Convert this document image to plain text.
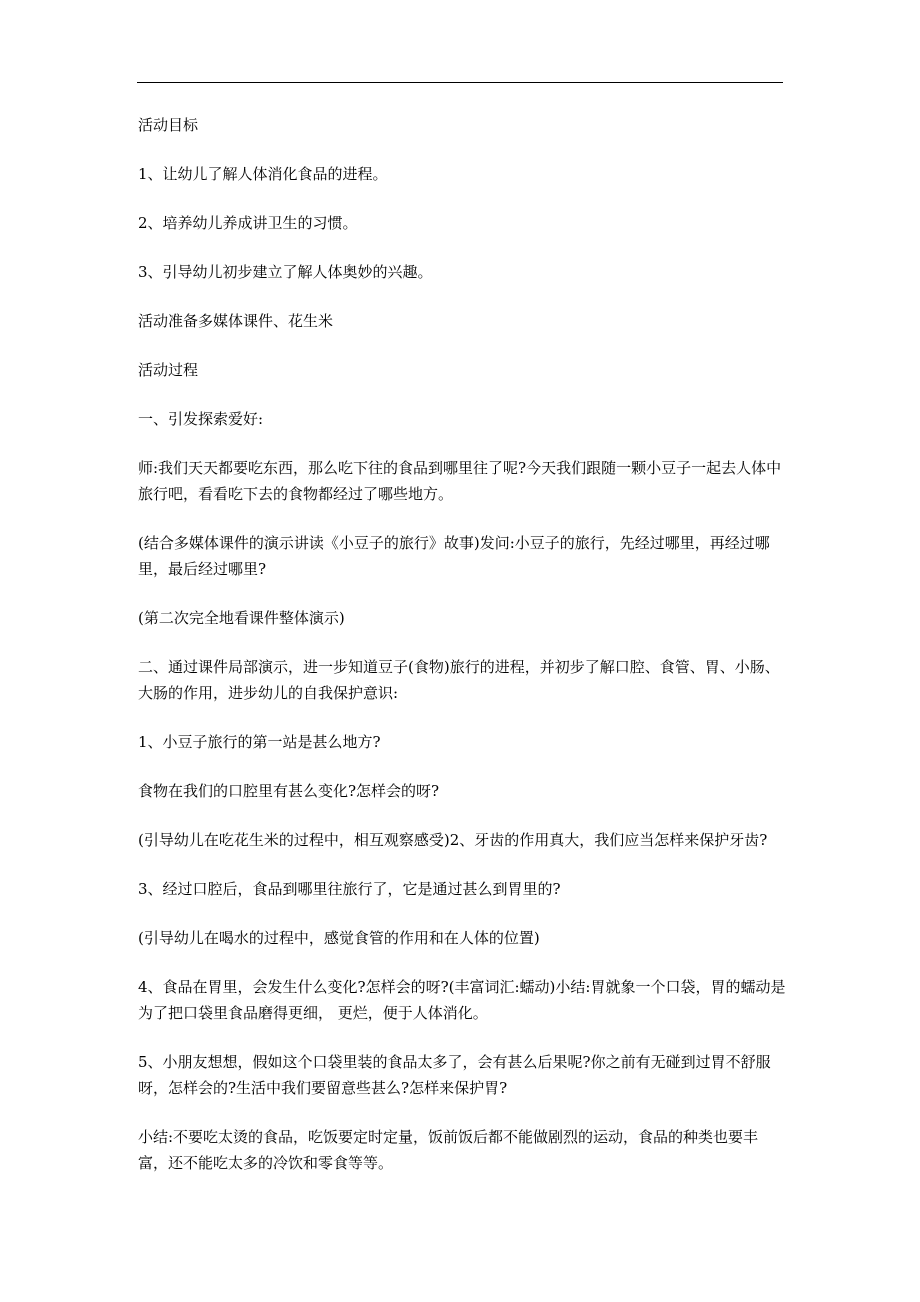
活动目标

1、让幼儿了解人体消化食品的进程。

2、培养幼儿养成讲卫生的习惯。

3、引导幼儿初步建立了解人体奥妙的兴趣。

活动准备多媒体课件、花生米

活动过程

一、引发探索爱好:

师:我们天天都要吃东西，那么吃下往的食品到哪里往了呢?今天我们跟随一颗小豆子一起去人体中旅行吧，看看吃下去的食物都经过了哪些地方。

(结合多媒体课件的演示讲读《小豆子的旅行》故事)发问:小豆子的旅行，先经过哪里，再经过哪里，最后经过哪里?

(第二次完全地看课件整体演示)

二、通过课件局部演示，进一步知道豆子(食物)旅行的进程，并初步了解口腔、食管、胃、小肠、大肠的作用，进步幼儿的自我保护意识:

1、小豆子旅行的第一站是甚么地方?

食物在我们的口腔里有甚么变化?怎样会的呀?

(引导幼儿在吃花生米的过程中，相互观察感受)2、牙齿的作用真大，我们应当怎样来保护牙齿?

3、经过口腔后，食品到哪里往旅行了，它是通过甚么到胃里的?

(引导幼儿在喝水的过程中，感觉食管的作用和在人体的位置)

4、食品在胃里，会发生什么变化?怎样会的呀?(丰富词汇:蠕动)小结:胃就象一个口袋，胃的蠕动是为了把口袋里食品磨得更细， 更烂，便于人体消化。

5、小朋友想想，假如这个口袋里装的食品太多了，会有甚么后果呢?你之前有无碰到过胃不舒服呀，怎样会的?生活中我们要留意些甚么?怎样来保护胃?

小结:不要吃太烫的食品，吃饭要定时定量，饭前饭后都不能做剧烈的运动，食品的种类也要丰富，还不能吃太多的冷饮和零食等等。
